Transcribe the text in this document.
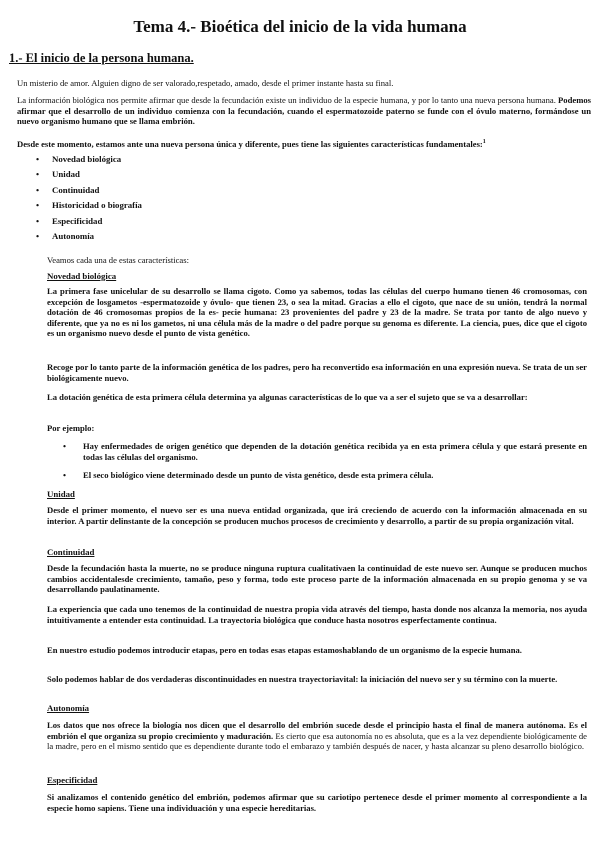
Tema 4.- Bioética del inicio de la vida humana
1.- El inicio de la persona humana.

Un misterio de amor. Alguien digno de ser valorado,respetado, amado, desde el primer instante hasta su final.

La información biológica nos permite afirmar que desde la fecundación existe un individuo de la especie humana, y por lo tanto una nueva persona humana. Podemos afirmar que el desarrollo de un individuo comienza con la fecundación, cuando el espermatozoide paterno se funde con el óvulo materno, formándose un nuevo organismo humano que se llama embrión.

Desde este momento, estamos ante una nueva persona única y diferente, pues tiene las siguientes características fundamentales:$^1$

• Novedad biológica
• Unidad
• Continuidad
• Historicidad o biografía
• Especificidad
• Autonomía

Veamos cada una de estas características:

Novedad biológica

La primera fase unicelular de su desarrollo se llama cigoto. Como ya sabemos, todas las células del cuerpo humano tienen 46 cromosomas, con excepción de losgametos -espermatozoide y óvulo- que tienen 23, o sea la mitad. Gracias a ello el cigoto, que nace de su unión, tendrá la normal dotación de 46 cromosomas propios de la es- pecie humana: 23 provenientes del padre y 23 de la madre. Se trata por tanto de algo nuevo y diferente, que ya no es ni los gametos, ni una célula más de la madre o del padre porque su genoma es diferente. La ciencia, pues, dice que el cigoto es un organismo nuevo desde el punto de vista genético.

Recoge por lo tanto parte de la información genética de los padres, pero ha reconvertido esa información en una expresión nueva. Se trata de un ser biológicamente nuevo.

La dotación genética de esta primera célula determina ya algunas características de lo que va a ser el sujeto que se va a desarrollar:

Por ejemplo:

• Hay enfermedades de origen genético que dependen de la dotación genética recibida ya en esta primera célula y que estará presente en todas las células del organismo.
• El seco biológico viene determinado desde un punto de vista genético, desde esta primera célula.
Unidad

Desde el primer momento, el nuevo ser es una nueva entidad organizada, que irá creciendo de acuerdo con la información almacenada en su interior. A partir delinstante de la concepción se producen muchos procesos de crecimiento y desarrollo, a partir de su propia organización vital.

Continuidad

Desde la fecundación hasta la muerte, no se produce ninguna ruptura cualitativaen la continuidad de este nuevo ser. Aunque se producen muchos cambios accidentalesde crecimiento, tamaño, peso y forma, todo este proceso parte de la información almacenada en su propio genoma y se va desarrollando paulatinamente.

La experiencia que cada uno tenemos de la continuidad de nuestra propia vida através del tiempo, hasta donde nos alcanza la memoria, nos ayuda intuitivamente a entender esta continuidad. La trayectoria biológica que conduce hasta nosotros esperfectamente continua.

En nuestro estudio podemos introducir etapas, pero en todas esas etapas estamoshablando de un organismo de la especie humana.

Solo podemos hablar de dos verdaderas discontinuidades en nuestra trayectoriavital: la iniciación del nuevo ser y su término con la muerte.

Autonomía

Los datos que nos ofrece la biología nos dicen que el desarrollo del embrión sucede desde el principio hasta el final de manera autónoma. Es el embrión el que organiza su propio crecimiento y maduración. Es cierto que esa autonomía no es absoluta, que es a la vez dependiente biológicamente de la madre, pero en el mismo sentido que es dependiente durante todo el embarazo y también después de nacer, y hasta alcanzar su pleno desarrollo biológico.

Especificidad

Si analizamos el contenido genético del embrión, podemos afirmar que su cariotipo pertenece desde el primer momento al correspondiente a la especie homo sapiens. Tiene una individuación y una especie hereditarias.
